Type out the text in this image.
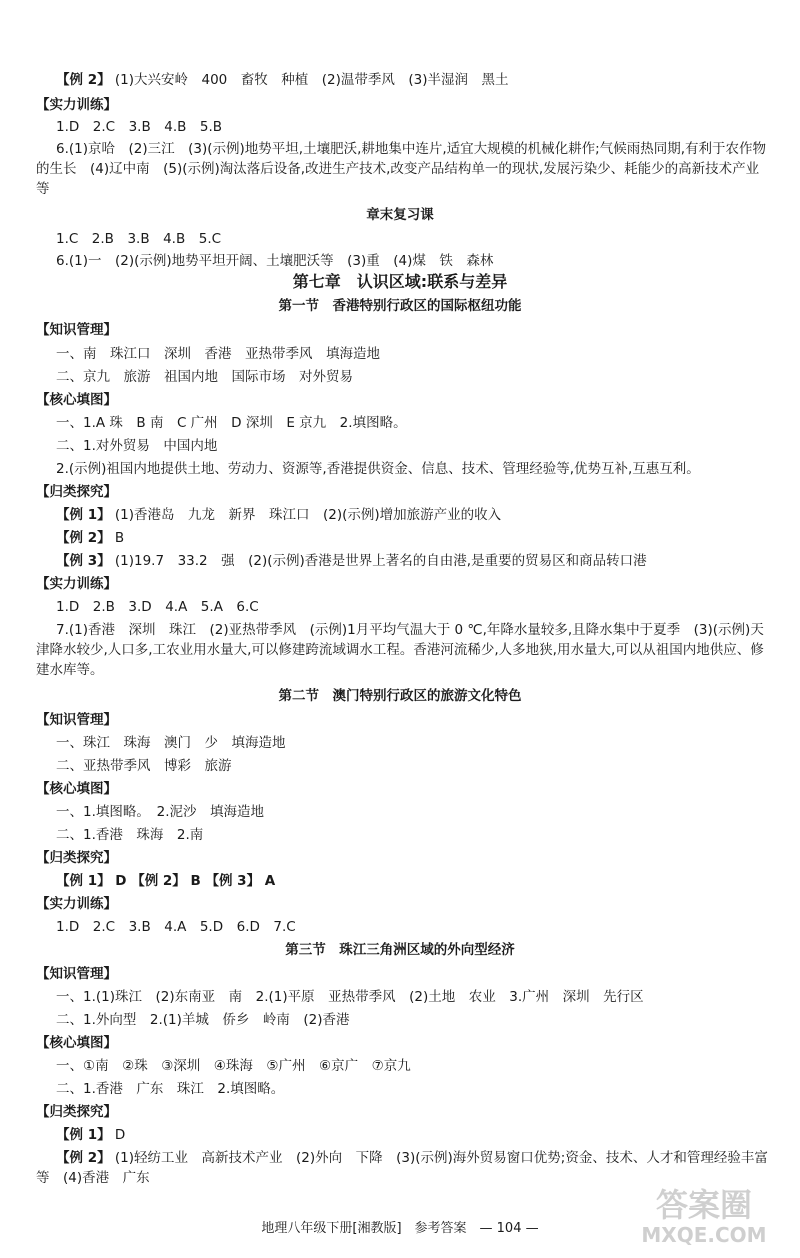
【例 2】 (1)大兴安岭　400　畜牧　种植　(2)温带季风　(3)半湿润　黑土
【实力训练】
1.D　2.C　3.B　4.B　5.B
6.(1)京哈　(2)三江　(3)(示例)地势平坦,土壤肥沃,耕地集中连片,适宜大规模的机械化耕作;气候雨热同期,有利于农作物的生长　(4)辽中南　(5)(示例)淘汰落后设备,改进生产技术,改变产品结构单一的现状,发展污染少、耗能少的高新技术产业等
章末复习课
1.C　2.B　3.B　4.B　5.C
6.(1)一　(2)(示例)地势平坦开阔、土壤肥沃等　(3)重　(4)煤　铁　森林
第七章　认识区域:联系与差异
第一节　香港特别行政区的国际枢纽功能
【知识管理】
一、南　珠江口　深圳　香港　亚热带季风　填海造地
二、京九　旅游　祖国内地　国际市场　对外贸易
【核心填图】
一、1.A 珠　B 南　C 广州　D 深圳　E 京九　2.填图略。
二、1.对外贸易　中国内地
2.(示例)祖国内地提供土地、劳动力、资源等,香港提供资金、信息、技术、管理经验等,优势互补,互惠互利。
【归类探究】
【例 1】 (1)香港岛　九龙　新界　珠江口　(2)(示例)增加旅游产业的收入
【例 2】 B
【例 3】 (1)19.7　33.2　强　(2)(示例)香港是世界上著名的自由港,是重要的贸易区和商品转口港
【实力训练】
1.D　2.B　3.D　4.A　5.A　6.C
7.(1)香港　深圳　珠江　(2)亚热带季风　(示例)1月平均气温大于 0 ℃,年降水量较多,且降水集中于夏季　(3)(示例)天津降水较少,人口多,工农业用水量大,可以修建跨流域调水工程。香港河流稀少,人多地狭,用水量大,可以从祖国内地供应、修建水库等。
第二节　澳门特别行政区的旅游文化特色
【知识管理】
一、珠江　珠海　澳门　少　填海造地
二、亚热带季风　博彩　旅游
【核心填图】
一、1.填图略。　2.泥沙　填海造地
二、1.香港　珠海　2.南
【归类探究】
【例 1】 D 【例 2】 B 【例 3】 A
【实力训练】
1.D　2.C　3.B　4.A　5.D　6.D　7.C
第三节　珠江三角洲区域的外向型经济
【知识管理】
一、1.(1)珠江　(2)东南亚　南　2.(1)平原　亚热带季风　(2)土地　农业　3.广州　深圳　先行区
二、1.外向型　2.(1)羊城　侨乡　岭南　(2)香港
【核心填图】
一、①南　②珠　③深圳　④珠海　⑤广州　⑥京广　⑦京九
二、1.香港　广东　珠江　2.填图略。
【归类探究】
【例 1】 D
【例 2】 (1)轻纺工业　高新技术产业　(2)外向　下降　(3)(示例)海外贸易窗口优势;资金、技术、人才和管理经验丰富等　(4)香港　广东
地理八年级下册[湘教版]　参考答案　— 104 —
答案圈
MXQE.COM
